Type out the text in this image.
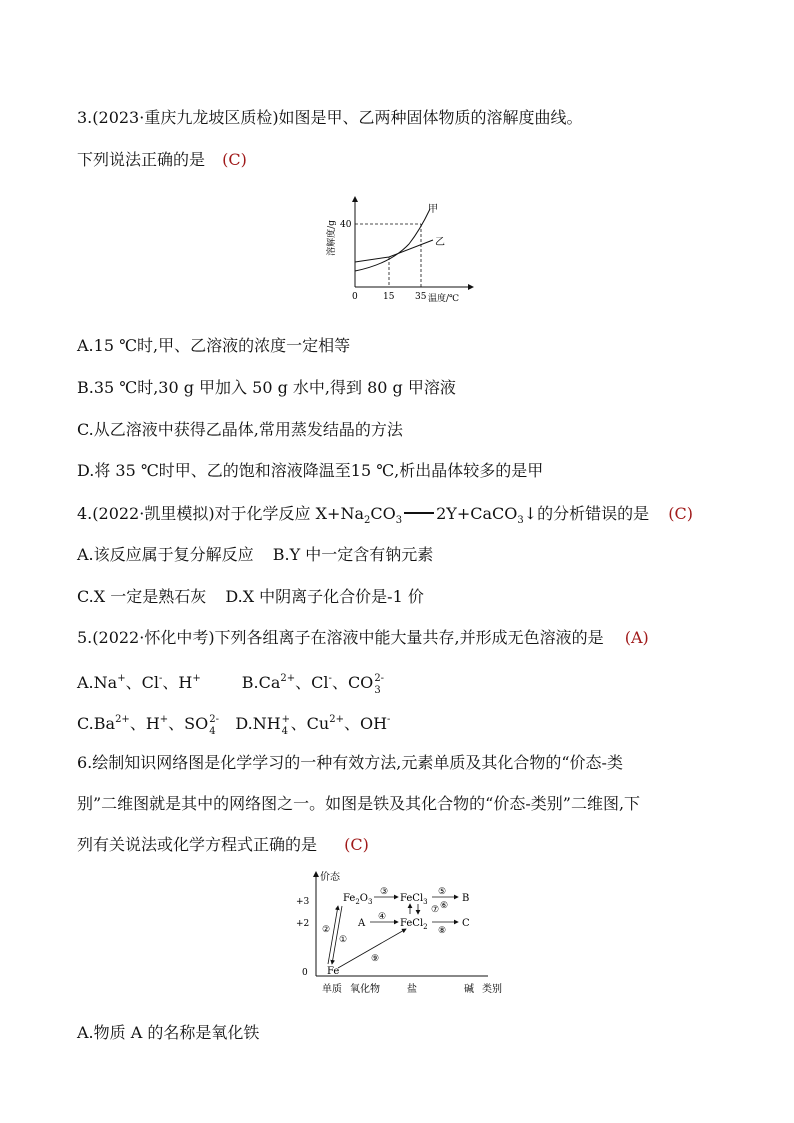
3.(2023·重庆九龙坡区质检)如图是甲、乙两种固体物质的溶解度曲线。
下列说法正确的是 (C)
溶解度/g 40
甲
乙
0	15 35 温度/℃
A.15 ℃时,甲、乙溶液的浓度一定相等
B.35 ℃时,30 g 甲加入 50 g 水中,得到 80 g 甲溶液
C.从乙溶液中获得乙晶体,常用蒸发结晶的方法
D.将 35 ℃时甲、乙的饱和溶液降温至15 ℃,析出晶体较多的是甲
4.(2022·凯里模拟)对于化学反应 $X+Na_2CO_3$ 2Y+CaCO$_3$↓的分析错误的是 (C)
A.该反应属于复分解反应 B.Y 中一定含有钠元素
C.X 一定是熟石灰 D.X 中阴离子化合价是-1 价
5.(2022·怀化中考)下列各组离子在溶液中能大量共存,并形成无色溶液的是 (A)
A.Na+、Cl-、H+	$B.Ca^{2+}$、Cl-、CO 2-
3
$C.Ba^{2+}$、H+、SO 2-
4 D.NH +
4 、$Cu^{2+}$、OH-
6.绘制知识网络图是化学学习的一种有效方法,元素单质及其化合物的“价态-类
别”二维图就是其中的网络图之一。如图是铁及其化合物的“价态-类别”二维图,下
列有关说法或化学方程式正确的是 (C)
价态
+3
+2
0
单质 氧化物	盐	碱 类别
$Fe_2O_3$	FeCl$_3$	B
A	FeCl$_2$	C
Fe
③	⑤
④
⑧
⑦ ⑥
②
①
⑨
A.物质 A 的名称是氧化铁
